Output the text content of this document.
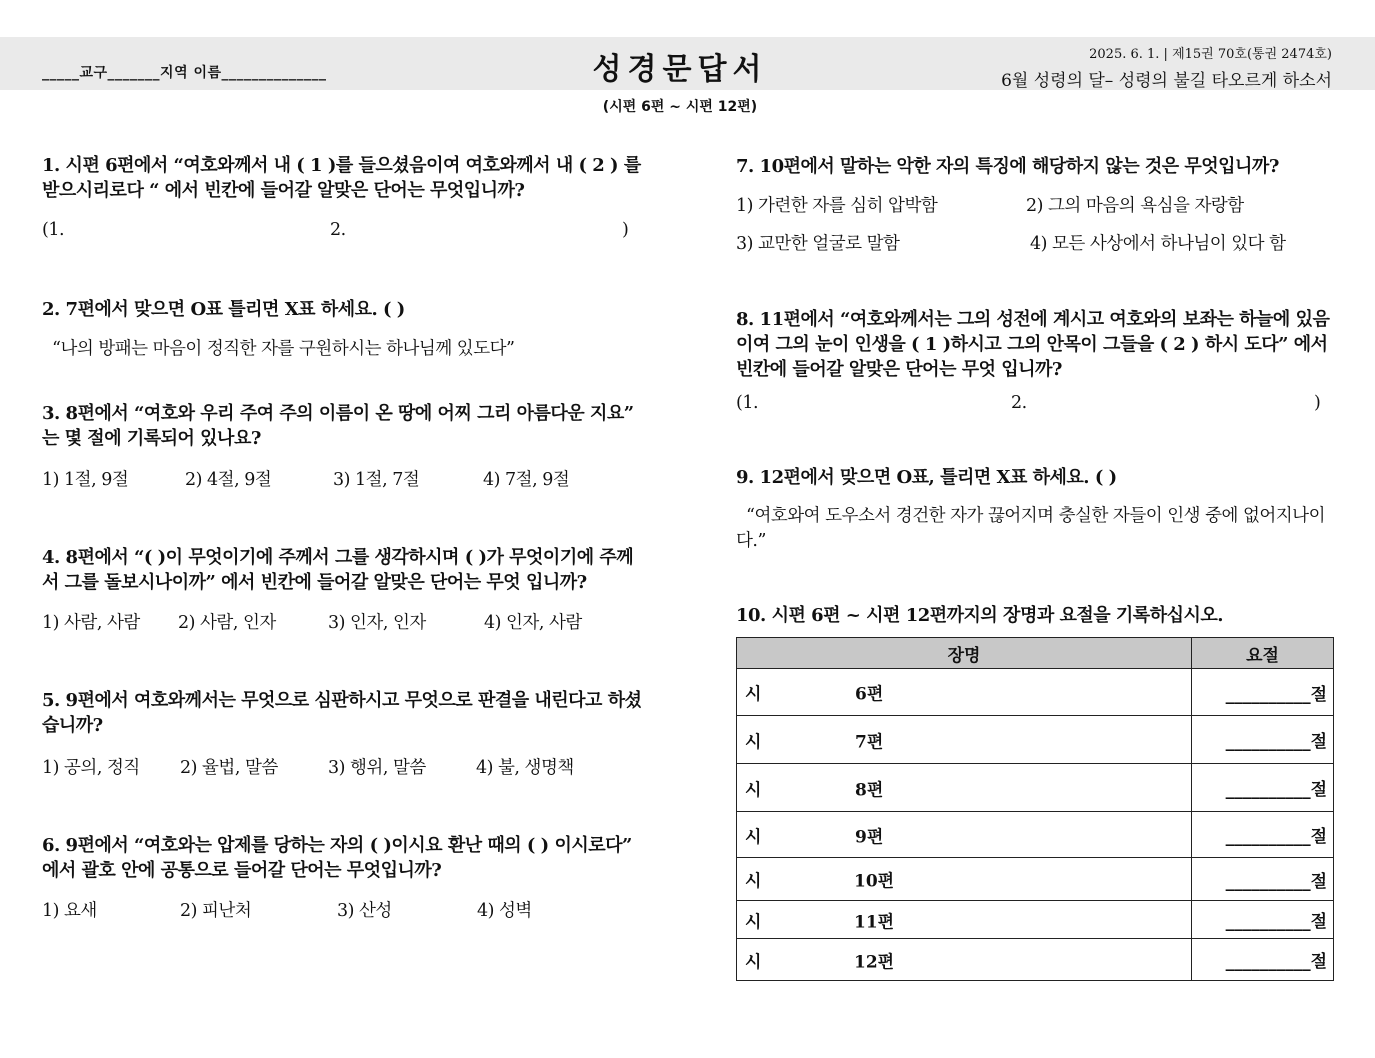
_____교구_______지역 이름______________	성경문답서	2025. 6. 1. | 제15권 70호(통권 2474호)
6월 성령의 달– 성령의 불길 타오르게 하소서
(시편 6편 ~ 시편 12편)
1. 시편 6편에서 “여호와께서 내 ( 1 )를 들으셨음이여 여호와께서 내 ( 2 ) 를 받으시리로다 “ 에서 빈칸에 들어갈 알맞은 단어는 무엇입니까?
(1.	2.	)
2. 7편에서 맞으면 O표 틀리면 X표 하세요. ( )
“나의 방패는 마음이 정직한 자를 구원하시는 하나님께 있도다”
3. 8편에서 “여호와 우리 주여 주의 이름이 온 땅에 어찌 그리 아름다운 지요” 는 몇 절에 기록되어 있나요?
1) 1절, 9절	2) 4절, 9절	3) 1절, 7절	4) 7절, 9절
4. 8편에서 “( )이 무엇이기에 주께서 그를 생각하시며 ( )가 무엇이기에 주께서 그를 돌보시나이까” 에서 빈칸에 들어갈 알맞은 단어는 무엇 입니까?
1) 사람, 사람 2) 사람, 인자	3) 인자, 인자	4) 인자, 사람
5. 9편에서 여호와께서는 무엇으로 심판하시고 무엇으로 판결을 내린다고 하셨습니까?
1) 공의, 정직 2) 율법, 말씀	3) 행위, 말씀	4) 불, 생명책
6. 9편에서 “여호와는 압제를 당하는 자의 ( )이시요 환난 때의 ( ) 이시로다” 에서 괄호 안에 공통으로 들어갈 단어는 무엇입니까?
1) 요새	2) 피난처	3) 산성	4) 성벽
7. 10편에서 말하는 악한 자의 특징에 해당하지 않는 것은 무엇입니까?
1) 가련한 자를 심히 압박함	2) 그의 마음의 욕심을 자랑함
3) 교만한 얼굴로 말함	4) 모든 사상에서 하나님이 있다 함
8. 11편에서 “여호와께서는 그의 성전에 계시고 여호와의 보좌는 하늘에 있음이여 그의 눈이 인생을 ( 1 )하시고 그의 안목이 그들을 ( 2 ) 하시 도다” 에서 빈칸에 들어갈 알맞은 단어는 무엇 입니까?
(1.	2.	)
9. 12편에서 맞으면 O표, 틀리면 X표 하세요. ( )
“여호와여 도우소서 경건한 자가 끊어지며 충실한 자들이 인생 중에 없어지나이다.”
10. 시편 6편 ~ 시편 12편까지의 장명과 요절을 기록하십시오.
장명	요절

시 6편	__________절

시 7편	__________절

시 8편	__________절

시 9편	__________절

시 10편	__________절

시 11편	__________절

시 12편	__________절
